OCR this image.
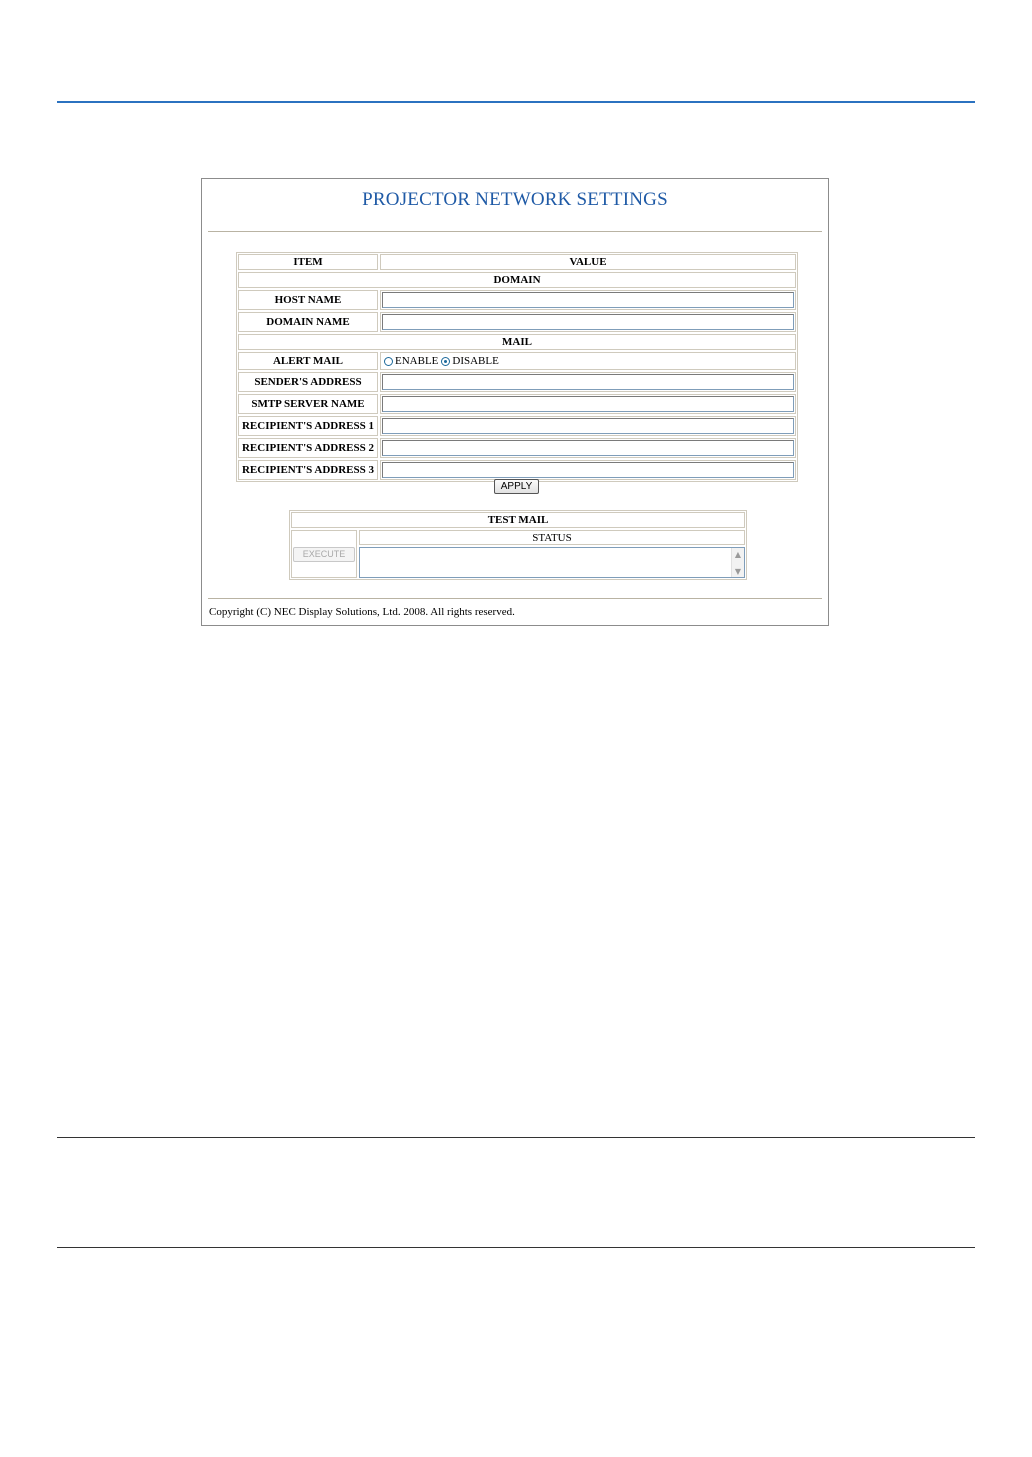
PROJECTOR NETWORK SETTINGS
ITEM	VALUE
DOMAIN
HOST NAME
DOMAIN NAME
MAIL
ALERT MAIL	ENABLE DISABLE
SENDER'S ADDRESS
SMTP SERVER NAME
RECIPIENT'S ADDRESS 1
RECIPIENT'S ADDRESS 2
RECIPIENT'S ADDRESS 3
APPLY
TEST MAIL
EXECUTE
STATUS
▲
▼
Copyright (C) NEC Display Solutions, Ltd. 2008. All rights reserved.
